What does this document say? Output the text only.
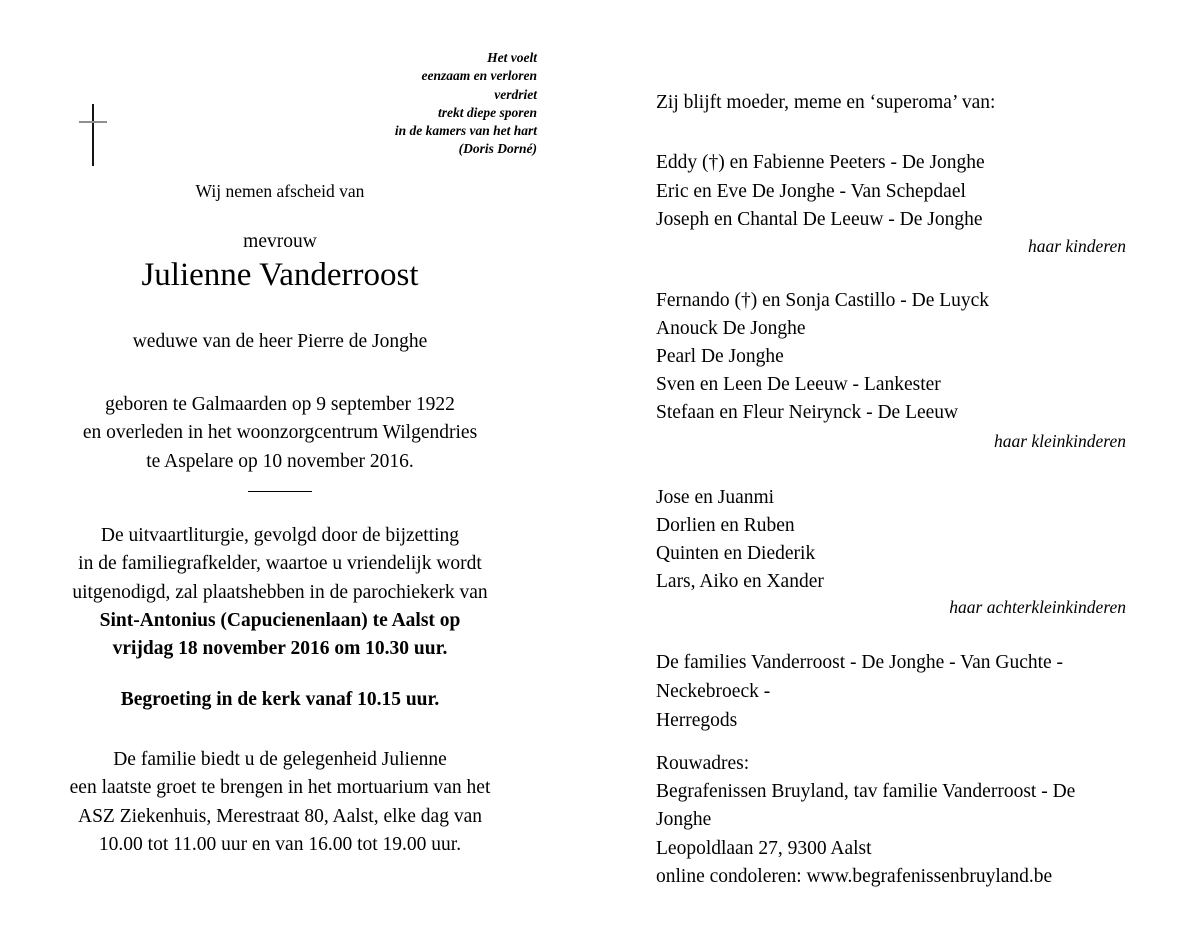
Het voelt
eenzaam en verloren
verdriet
trekt diepe sporen
in de kamers van het hart
(Doris Dorné)
Wij nemen afscheid van
mevrouw
Julienne Vanderroost
weduwe van de heer Pierre de Jonghe
geboren te Galmaarden op 9 september 1922
en overleden in het woonzorgcentrum Wilgendries
te Aspelare op 10 november 2016.
De uitvaartliturgie, gevolgd door de bijzetting
in de familiegrafkelder, waartoe u vriendelijk wordt
uitgenodigd, zal plaatshebben in de parochiekerk van
Sint-Antonius (Capucienenlaan) te Aalst op
vrijdag 18 november 2016 om 10.30 uur.
Begroeting in de kerk vanaf 10.15 uur.
De familie biedt u de gelegenheid Julienne
een laatste groet te brengen in het mortuarium van het
ASZ Ziekenhuis, Merestraat 80, Aalst, elke dag van
10.00 tot 11.00 uur en van 16.00 tot 19.00 uur.
Zij blijft moeder, meme en ‘superoma’ van:
Eddy (†) en Fabienne Peeters - De Jonghe
Eric en Eve De Jonghe - Van Schepdael
Joseph en Chantal De Leeuw - De Jonghe
haar kinderen
Fernando (†) en Sonja Castillo - De Luyck
Anouck De Jonghe
Pearl De Jonghe
Sven en Leen De Leeuw - Lankester
Stefaan en Fleur Neirynck - De Leeuw
haar kleinkinderen
Jose en Juanmi
Dorlien en Ruben
Quinten en Diederik
Lars, Aiko en Xander
haar achterkleinkinderen
De families Vanderroost - De Jonghe - Van Guchte - Neckebroeck -
Herregods
Rouwadres:
Begrafenissen Bruyland, tav familie Vanderroost - De Jonghe
Leopoldlaan 27, 9300 Aalst
online condoleren: www.begrafenissenbruyland.be
